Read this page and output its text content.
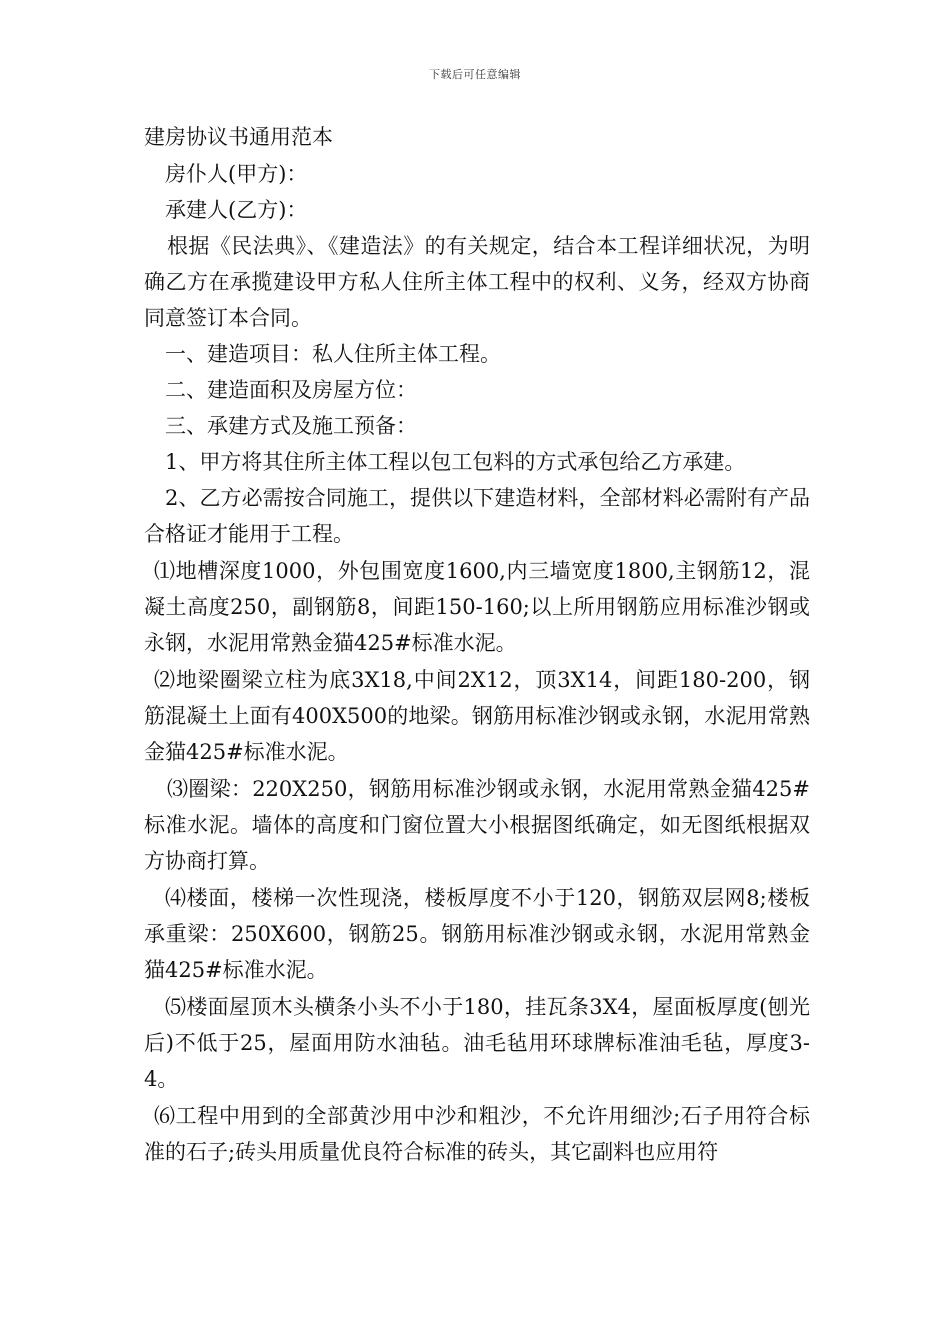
下载后可任意编辑

建房协议书通用范本

房仆人(甲方)：

承建人(乙方)：

根据《民法典》、《建造法》的有关规定，结合本工程详细状况，为明确乙方在承揽建设甲方私人住所主体工程中的权利、义务，经双方协商同意签订本合同。

一、建造项目：私人住所主体工程。

二、建造面积及房屋方位：

三、承建方式及施工预备：

1、甲方将其住所主体工程以包工包料的方式承包给乙方承建。

2、乙方必需按合同施工，提供以下建造材料，全部材料必需附有产品合格证才能用于工程。

⑴地槽深度1000，外包围宽度1600,内三墙宽度1800,主钢筋12，混凝土高度250，副钢筋8，间距150-160;以上所用钢筋应用标准沙钢或永钢，水泥用常熟金猫425#标准水泥。

⑵地梁圈梁立柱为底3X18,中间2X12，顶3X14，间距180-200，钢筋混凝土上面有400X500的地梁。钢筋用标准沙钢或永钢，水泥用常熟金猫425#标准水泥。

⑶圈梁：220X250，钢筋用标准沙钢或永钢，水泥用常熟金猫425#标准水泥。墙体的高度和门窗位置大小根据图纸确定，如无图纸根据双方协商打算。

⑷楼面，楼梯一次性现浇，楼板厚度不小于120，钢筋双层网8;楼板承重梁：250X600，钢筋25。钢筋用标准沙钢或永钢，水泥用常熟金猫425#标准水泥。

⑸楼面屋顶木头横条小头不小于180，挂瓦条3X4，屋面板厚度(刨光后)不低于25，屋面用防水油毡。油毛毡用环球牌标准油毛毡，厚度3-4。

⑹工程中用到的全部黄沙用中沙和粗沙，不允许用细沙;石子用符合标准的石子;砖头用质量优良符合标准的砖头，其它副料也应用符
